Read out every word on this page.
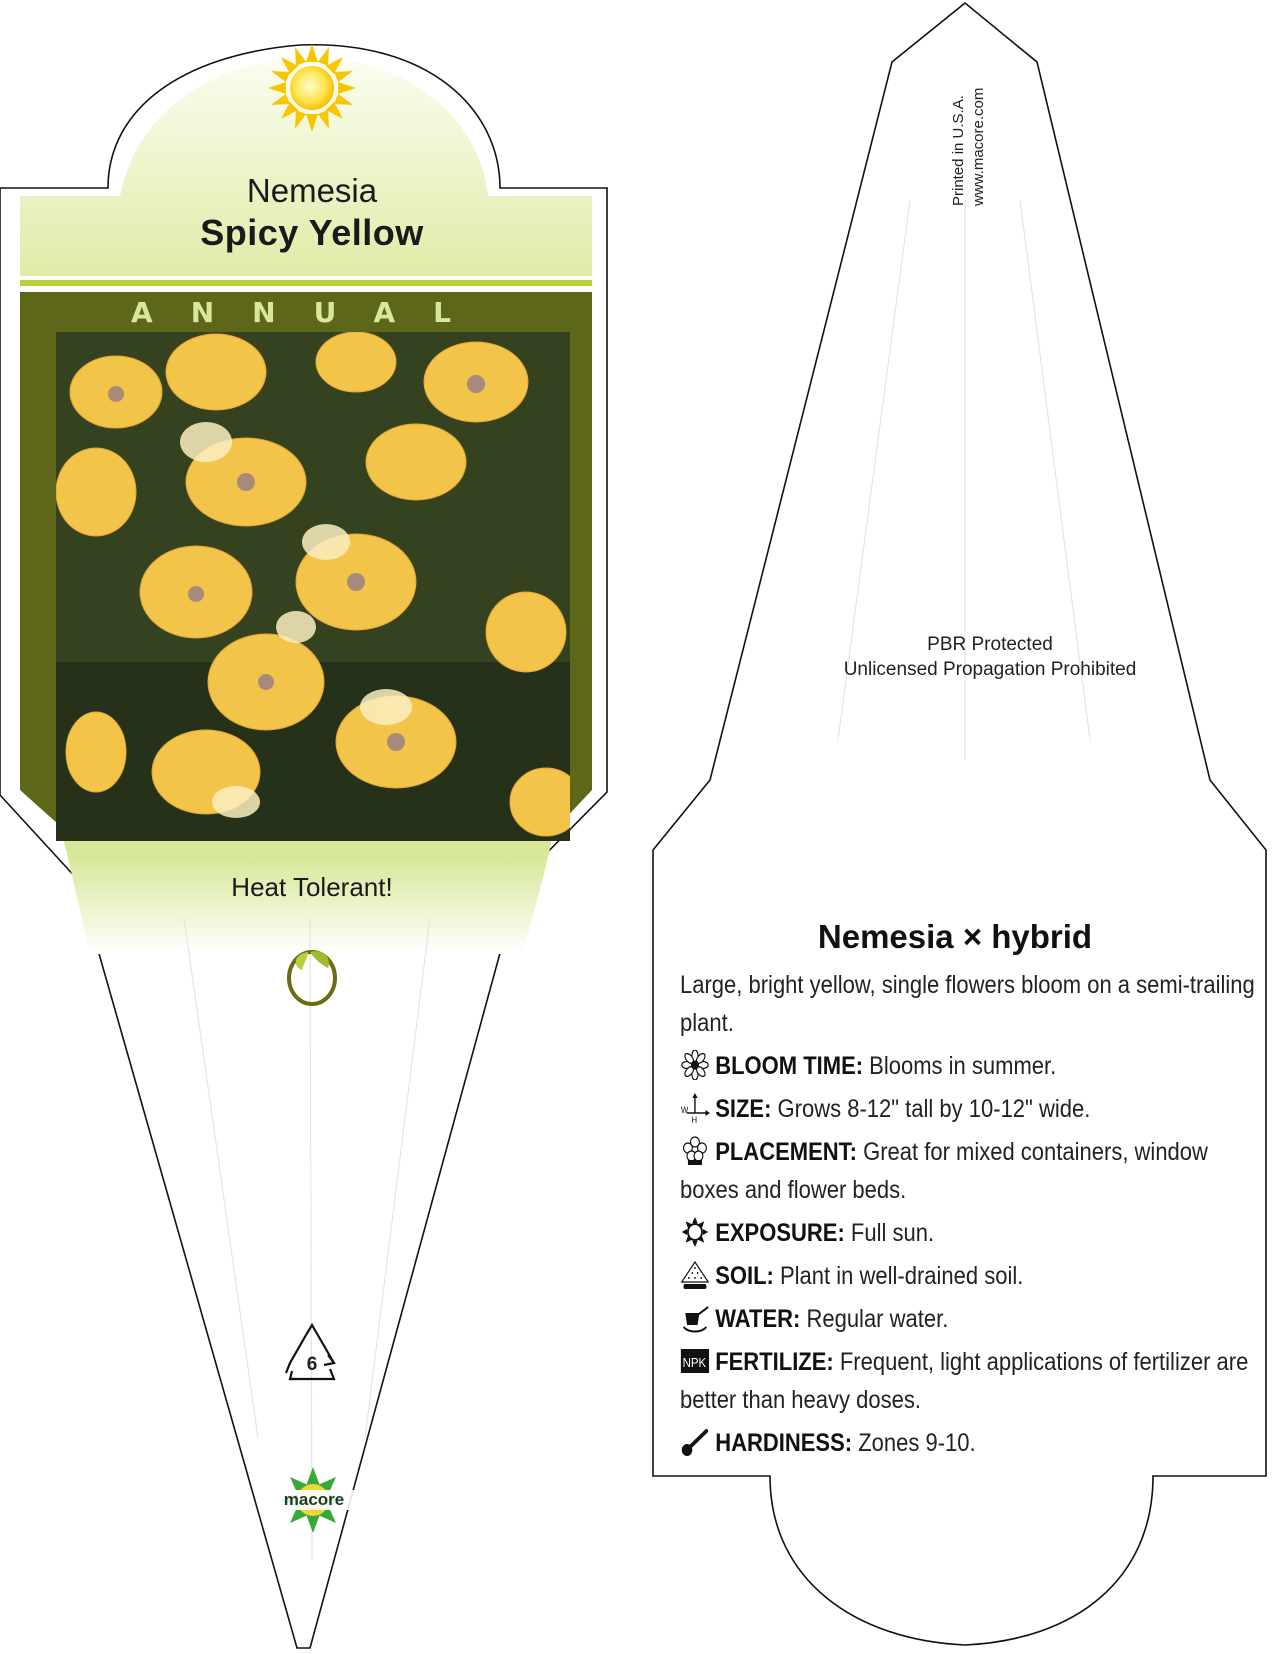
Nemesia
Spicy Yellow
ANNUAL
Heat Tolerant!
macore
6
Printed in U.S.A. www.macore.com
PBR Protected
Unlicensed Propagation Prohibited
Nemesia × hybrid

Large, bright yellow, single flowers bloom on a semi-trailing plant.

BLOOM TIME: Blooms in summer.

W
H SIZE: Grows 8-12" tall by 10-12" wide.

PLACEMENT: Great for mixed containers, window boxes and flower beds.

EXPOSURE: Full sun.

SOIL: Plant in well-drained soil.

WATER: Regular water.

NPK FERTILIZE: Frequent, light applications of fertilizer are better than heavy doses.

HARDINESS: Zones 9-10.
